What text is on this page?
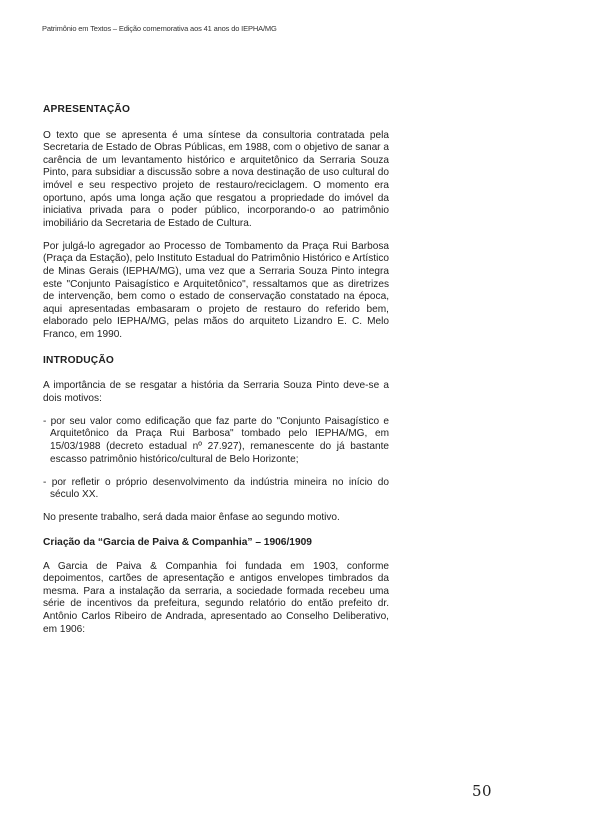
Patrimônio em Textos – Edição comemorativa aos 41 anos do IEPHA/MG
APRESENTAÇÃO

O texto que se apresenta é uma síntese da consultoria contratada pela Secretaria de Estado de Obras Públicas, em 1988, com o objetivo de sanar a carência de um levantamento histórico e arquitetônico da Serraria Souza Pinto, para subsidiar a discussão sobre a nova destinação de uso cultural do imóvel e seu respectivo projeto de restauro/reciclagem. O momento era oportuno, após uma longa ação que resgatou a propriedade do imóvel da iniciativa privada para o poder público, incorporando-o ao patrimônio imobiliário da Secretaria de Estado de Cultura.

Por julgá-lo agregador ao Processo de Tombamento da Praça Rui Barbosa (Praça da Estação), pelo Instituto Estadual do Patrimônio Histórico e Artístico de Minas Gerais (IEPHA/MG), uma vez que a Serraria Souza Pinto integra este "Conjunto Paisagístico e Arquitetônico", ressaltamos que as diretrizes de intervenção, bem como o estado de conservação constatado na época, aqui apresentadas embasaram o projeto de restauro do referido bem, elaborado pelo IEPHA/MG, pelas mãos do arquiteto Lizandro E. C. Melo Franco, em 1990.

INTRODUÇÃO

A importância de se resgatar a história da Serraria Souza Pinto deve-se a dois motivos:

- por seu valor como edificação que faz parte do "Conjunto Paisagístico e Arquitetônico da Praça Rui Barbosa" tombado pelo IEPHA/MG, em 15/03/1988 (decreto estadual nº 27.927), remanescente do já bastante escasso patrimônio histórico/cultural de Belo Horizonte;
- por refletir o próprio desenvolvimento da indústria mineira no início do século XX.

No presente trabalho, será dada maior ênfase ao segundo motivo.

Criação da “Garcia de Paiva & Companhia” – 1906/1909

A Garcia de Paiva & Companhia foi fundada em 1903, conforme depoimentos, cartões de apresentação e antigos envelopes timbrados da mesma. Para a instalação da serraria, a sociedade formada recebeu uma série de incentivos da prefeitura, segundo relatório do então prefeito dr. Antônio Carlos Ribeiro de Andrada, apresentado ao Conselho Deliberativo, em 1906:

50
